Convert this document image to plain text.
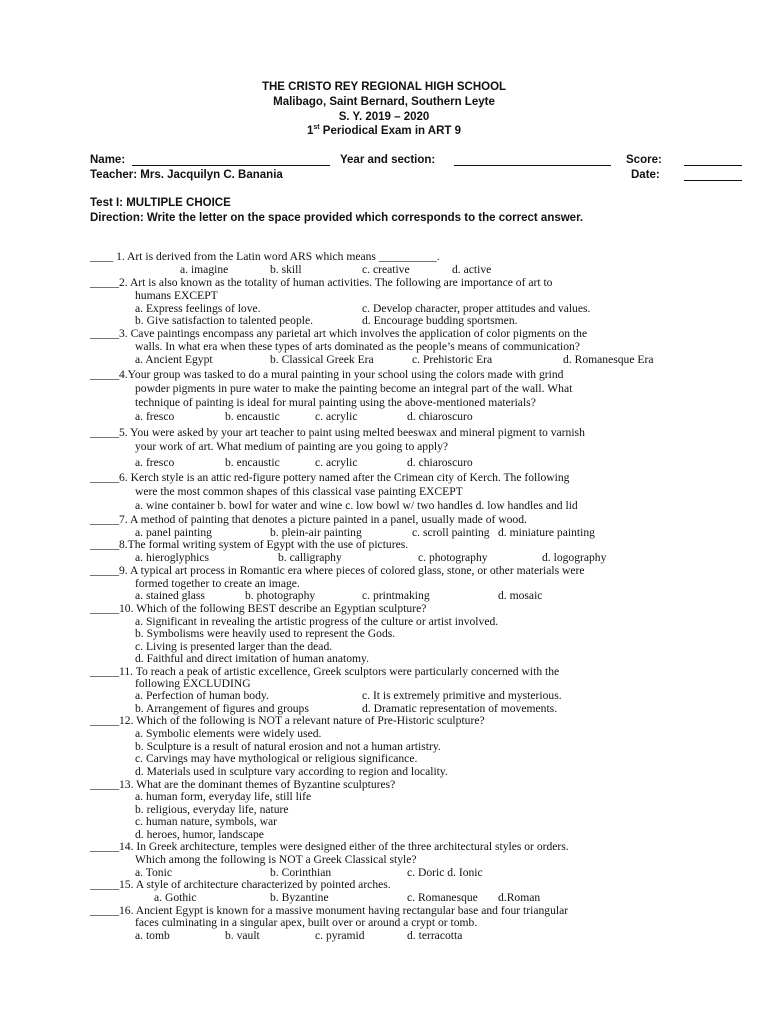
THE CRISTO REY REGIONAL HIGH SCHOOL
Malibago, Saint Bernard, Southern Leyte
S. Y. 2019 – 2020
1st Periodical Exam in ART 9
Name:	Year and section:	Score:
Teacher: Mrs. Jacquilyn C. Banania	Date:
Test I: MULTIPLE CHOICE
Direction: Write the letter on the space provided which corresponds to the correct answer.
____ 1. Art is derived from the Latin word ARS which means __________.
a. imagine	b. skill	c. creative	d. active
_____2. Art is also known as the totality of human activities. The following are importance of art to
humans EXCEPT
a. Express feelings of love.	c. Develop character, proper attitudes and values.
b. Give satisfaction to talented people.	d. Encourage budding sportsmen.
_____3. Cave paintings encompass any parietal art which involves the application of color pigments on the
walls. In what era when these types of arts dominated as the people’s means of communication?
a. Ancient Egypt	b. Classical Greek Era	c. Prehistoric Era	d. Romanesque Era
_____4.Your group was tasked to do a mural painting in your school using the colors made with grind
powder pigments in pure water to make the painting become an integral part of the wall. What
technique of painting is ideal for mural painting using the above-mentioned materials?
a. fresco	b. encaustic	c. acrylic	d. chiaroscuro
_____5. You were asked by your art teacher to paint using melted beeswax and mineral pigment to varnish
your work of art. What medium of painting are you going to apply?
a. fresco	b. encaustic	c. acrylic	d. chiaroscuro
_____6. Kerch style is an attic red-figure pottery named after the Crimean city of Kerch. The following
were the most common shapes of this classical vase painting EXCEPT
a. wine container b. bowl for water and wine c. low bowl w/ two handles d. low handles and lid
_____7. A method of painting that denotes a picture painted in a panel, usually made of wood.
a. panel painting	b. plein-air painting	c. scroll painting d. miniature painting
_____8.The formal writing system of Egypt with the use of pictures.
a. hieroglyphics	b. calligraphy	c. photography	d. logography
_____9. A typical art process in Romantic era where pieces of colored glass, stone, or other materials were
formed together to create an image.
a. stained glass	b. photography	c. printmaking	d. mosaic
_____10. Which of the following BEST describe an Egyptian sculpture?
a. Significant in revealing the artistic progress of the culture or artist involved.
b. Symbolisms were heavily used to represent the Gods.
c. Living is presented larger than the dead.
d. Faithful and direct imitation of human anatomy.
_____11. To reach a peak of artistic excellence, Greek sculptors were particularly concerned with the
following EXCLUDING
a. Perfection of human body.	c. It is extremely primitive and mysterious.
b. Arrangement of figures and groups	d. Dramatic representation of movements.
_____12. Which of the following is NOT a relevant nature of Pre-Historic sculpture?
a. Symbolic elements were widely used.
b. Sculpture is a result of natural erosion and not a human artistry.
c. Carvings may have mythological or religious significance.
d. Materials used in sculpture vary according to region and locality.
_____13. What are the dominant themes of Byzantine sculptures?
a. human form, everyday life, still life
b. religious, everyday life, nature
c. human nature, symbols, war
d. heroes, humor, landscape
_____14. In Greek architecture, temples were designed either of the three architectural styles or orders.
Which among the following is NOT a Greek Classical style?
a. Tonic	b. Corinthian	c. Doric d. Ionic
_____15. A style of architecture characterized by pointed arches.
a. Gothic	b. Byzantine	c. Romanesque d.Roman
_____16. Ancient Egypt is known for a massive monument having rectangular base and four triangular
faces culminating in a singular apex, built over or around a crypt or tomb.
a. tomb	b. vault	c. pyramid	d. terracotta
